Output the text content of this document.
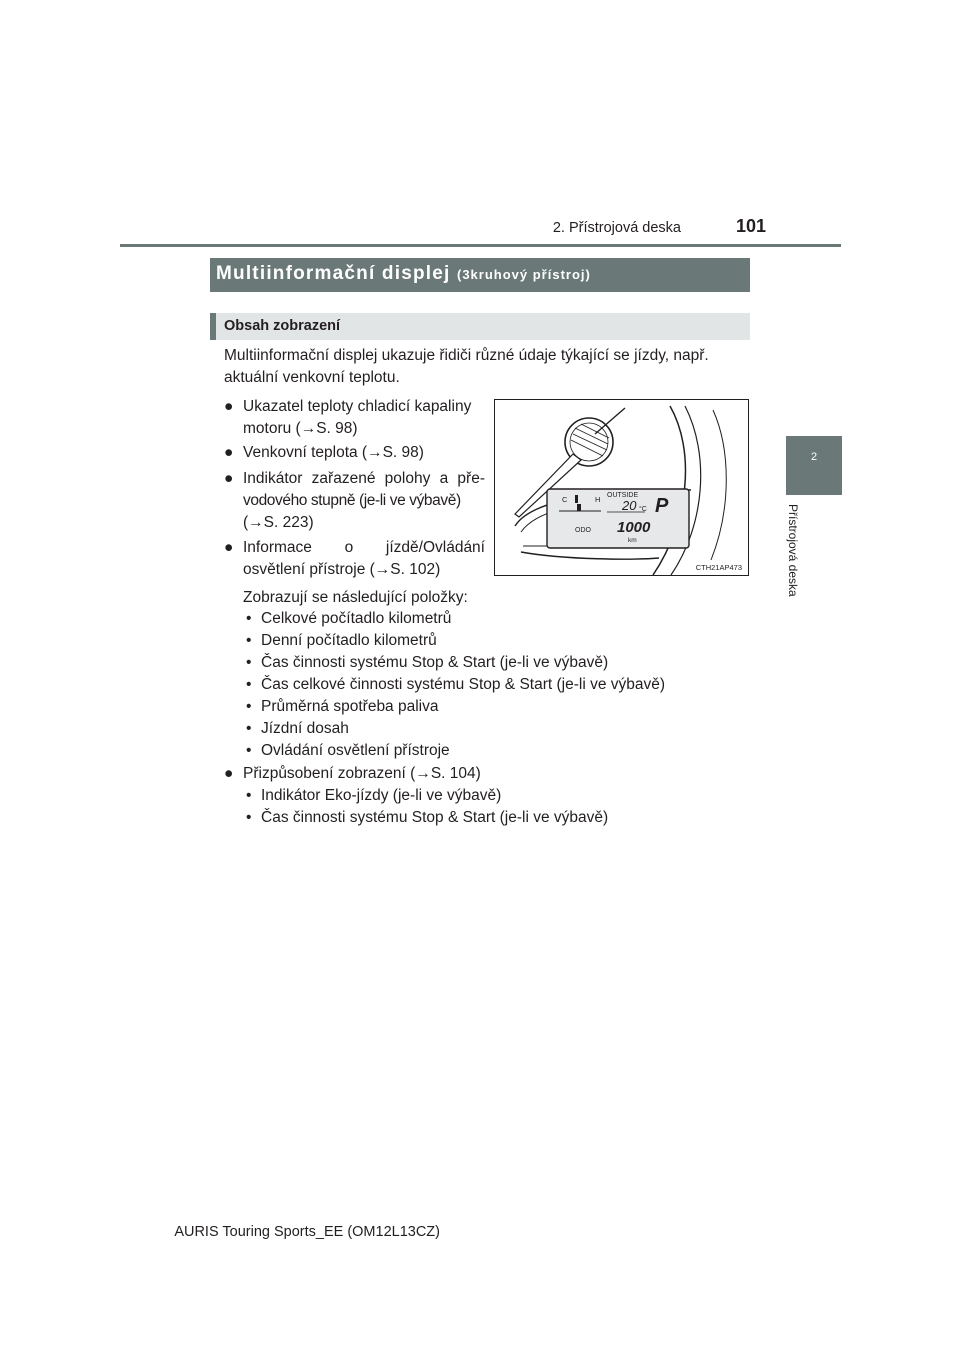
2. Přístrojová deska	101
2
Přístrojová deska
Multiinformační displej (3kruhový přístroj)
Obsah zobrazení
Multiinformační displej ukazuje řidiči různé údaje týkající se jízdy, např.
aktuální venkovní teplotu.
● Ukazatel teploty chladicí kapaliny
motoru (→S. 98)
● Venkovní teplota (→S. 98)
● Indikátor zařazené polohy a pře-
vodového stupně (je-li ve výbavě)
(→S. 223)
● Informace o jízdě/Ovládání
osvětlení přístroje (→S. 102)
Zobrazují se následující položky:
• Celkové počítadlo kilometrů
• Denní počítadlo kilometrů
• Čas činnosti systému Stop & Start (je-li ve výbavě)
• Čas celkové činnosti systému Stop & Start (je-li ve výbavě)
• Průměrná spotřeba paliva
• Jízdní dosah
• Ovládání osvětlení přístroje
● Přizpůsobení zobrazení (→S. 104)
• Indikátor Eko-jízdy (je-li ve výbavě)
• Čas činnosti systému Stop & Start (je-li ve výbavě)
C	H OUTSIDE
20 °C P
ODO 1000
km
CTH21AP473
AURIS Touring Sports_EE (OM12L13CZ)
